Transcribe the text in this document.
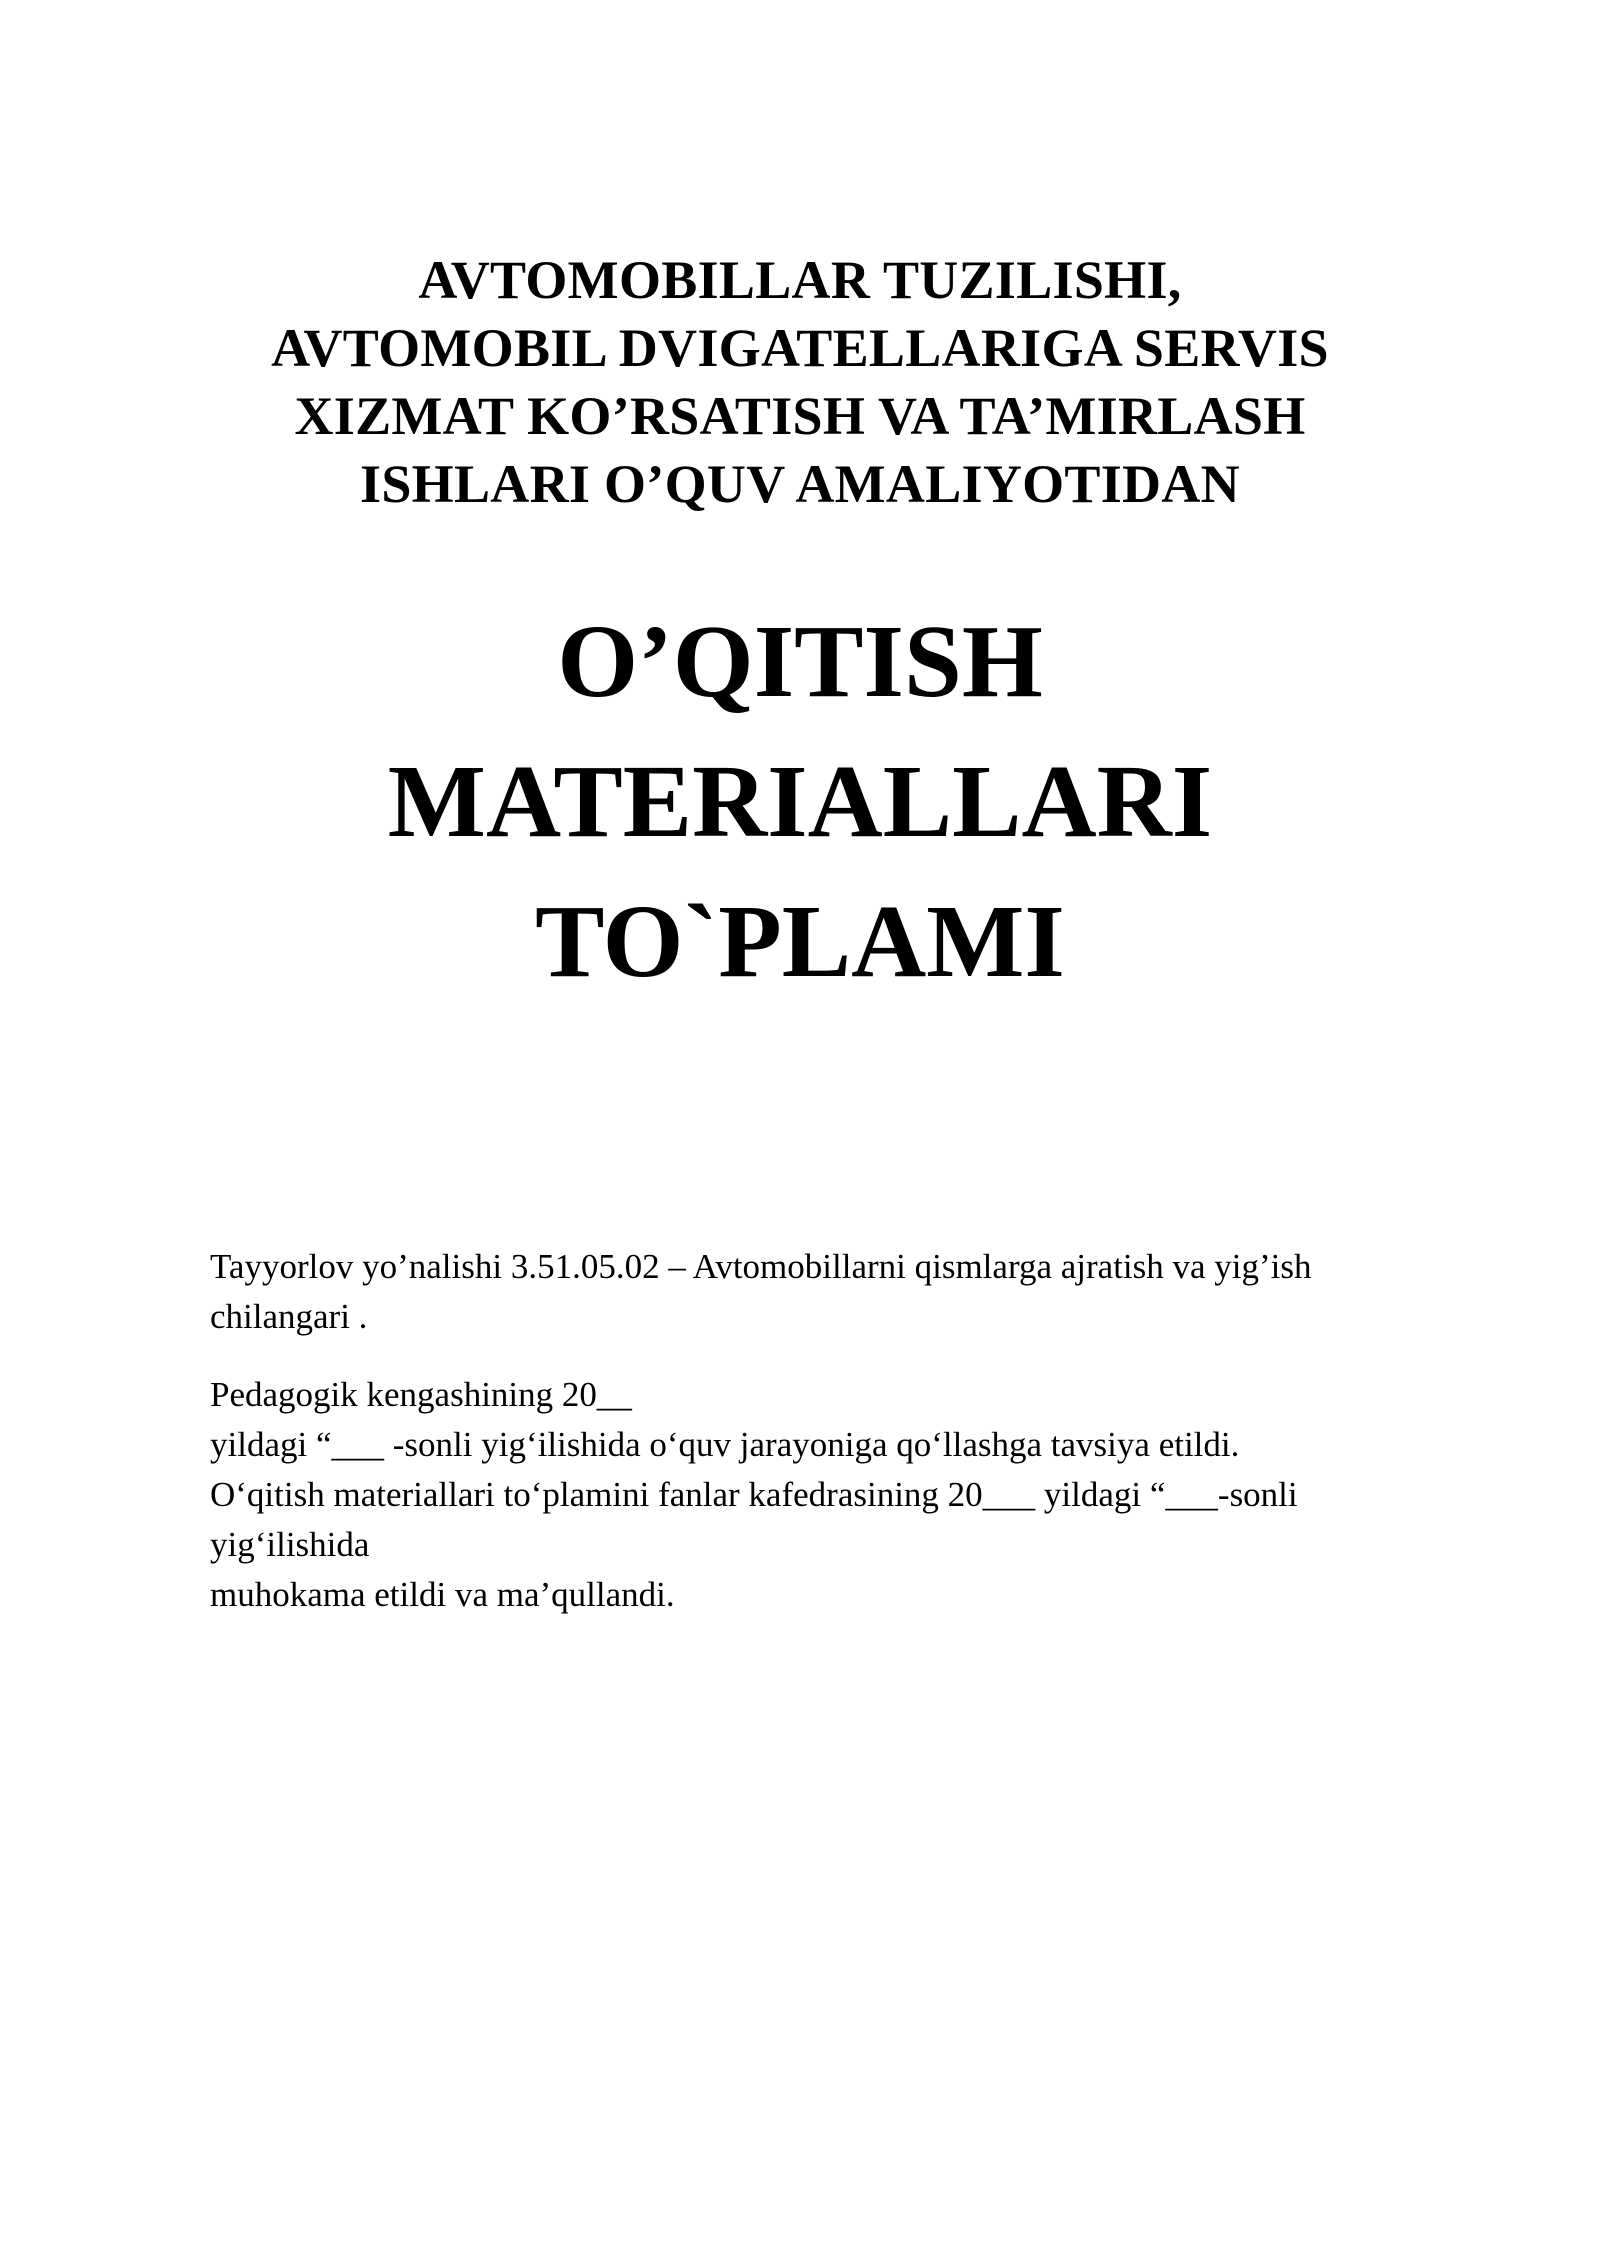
AVTOMOBILLAR TUZILISHI,
AVTOMOBIL DVIGATELLARIGA SERVIS
XIZMAT KO’RSATISH VA TA’MIRLASH
ISHLARI O’QUV AMALIYOTIDAN
O’QITISH
MATERIALLARI
TO`PLAMI

Tayyorlov yo’nalishi 3.51.05.02 – Avtomobillarni qismlarga ajratish va yig’ish

chilangari .

Pedagogik kengashining 20__

yildagi “___ -sonli yig‘ilishida o‘quv jarayoniga qo‘llashga tavsiya etildi.

O‘qitish materiallari to‘plamini fanlar kafedrasining 20___ yildagi “___-sonli

yig‘ilishida

muhokama etildi va ma’qullandi.
